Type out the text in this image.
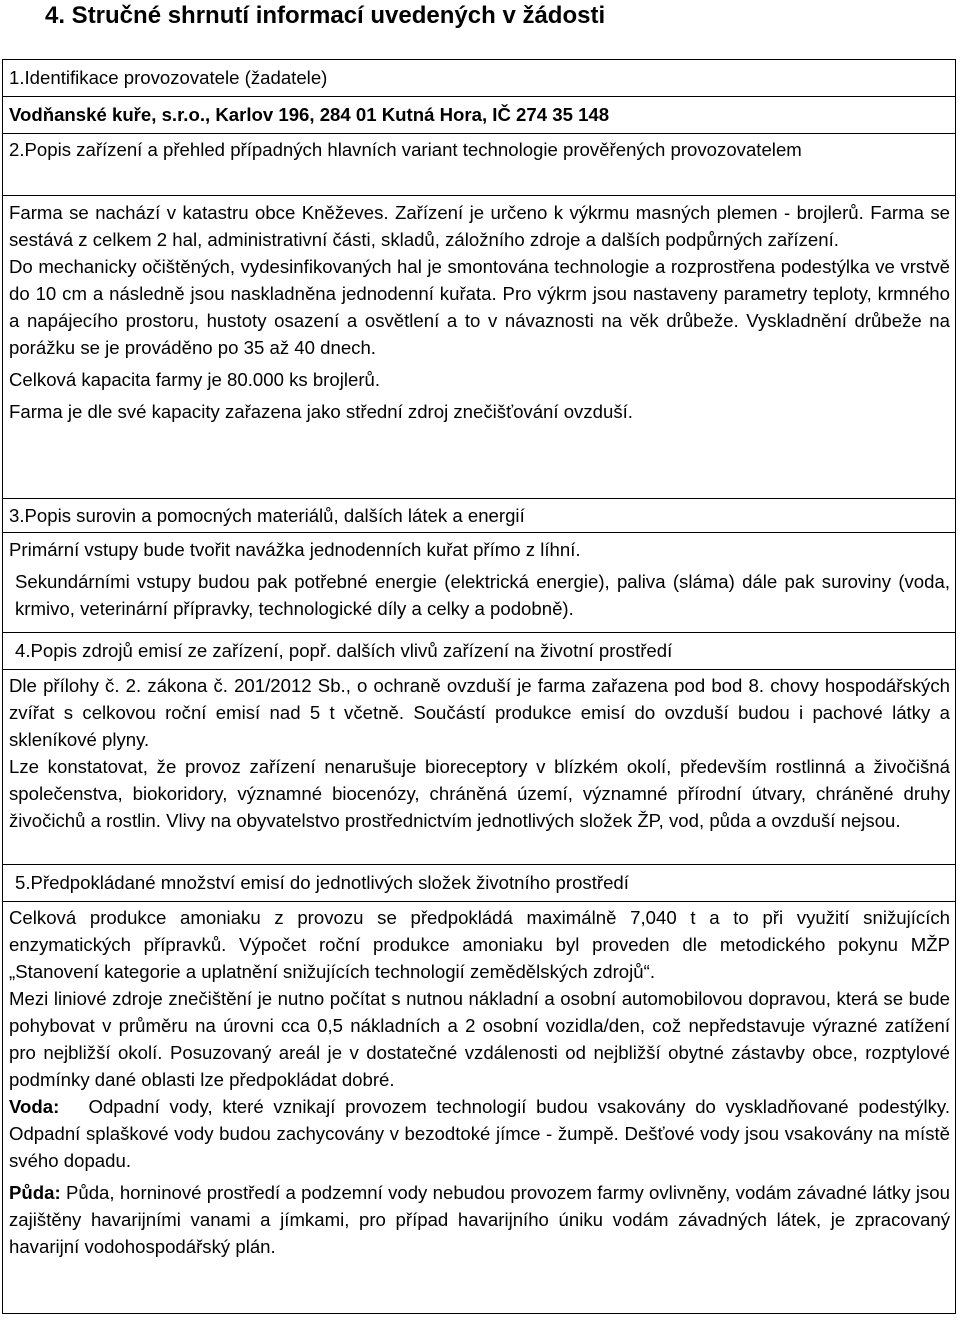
4. Stručné shrnutí informací uvedených v žádosti

1.Identifikace provozovatele (žadatele)

Vodňanské kuře, s.r.o., Karlov 196, 284 01 Kutná Hora, IČ 274 35 148

2.Popis zařízení a přehled případných hlavních variant technologie prověřených provozovatelem

Farma se nachází v katastru obce Kněževes. Zařízení je určeno k výkrmu masných plemen - brojlerů. Farma se sestává z celkem 2 hal, administrativní části, skladů, záložního zdroje a dalších podpůrných zařízení.

Do mechanicky očištěných, vydesinfikovaných hal je smontována technologie a rozprostřena podestýlka ve vrstvě do 10 cm a následně jsou naskladněna jednodenní kuřata. Pro výkrm jsou nastaveny parametry teploty, krmného a napájecího prostoru, hustoty osazení a osvětlení a to v návaznosti na věk drůbeže. Vyskladnění drůbeže na porážku se je prováděno po 35 až 40 dnech.

Celková kapacita farmy je 80.000 ks brojlerů.

Farma je dle své kapacity zařazena jako střední zdroj znečišťování ovzduší.

3.Popis surovin a pomocných materiálů, dalších látek a energií

Primární vstupy bude tvořit navážka jednodenních kuřat přímo z líhní.

Sekundárními vstupy budou pak potřebné energie (elektrická energie), paliva (sláma) dále pak suroviny (voda, krmivo, veterinární přípravky, technologické díly a celky a podobně).

4.Popis zdrojů emisí ze zařízení, popř. dalších vlivů zařízení na životní prostředí

Dle přílohy č. 2. zákona č. 201/2012 Sb., o ochraně ovzduší je farma zařazena pod bod 8. chovy hospodářských zvířat s celkovou roční emisí nad 5 t včetně. Součástí produkce emisí do ovzduší budou i pachové látky a skleníkové plyny.

Lze konstatovat, že provoz zařízení nenarušuje bioreceptory v blízkém okolí, především rostlinná a živočišná společenstva, biokoridory, významné biocenózy, chráněná území, významné přírodní útvary, chráněné druhy živočichů a rostlin. Vlivy na obyvatelstvo prostřednictvím jednotlivých složek ŽP, vod, půda a ovzduší nejsou.

5.Předpokládané množství emisí do jednotlivých složek životního prostředí

Celková produkce amoniaku z provozu se předpokládá maximálně 7,040 t a to při využití snižujících enzymatických přípravků. Výpočet roční produkce amoniaku byl proveden dle metodického pokynu MŽP „Stanovení kategorie a uplatnění snižujících technologií zemědělských zdrojů“.

Mezi liniové zdroje znečištění je nutno počítat s nutnou nákladní a osobní automobilovou dopravou, která se bude pohybovat v průměru na úrovni cca 0,5 nákladních a 2 osobní vozidla/den, což nepředstavuje výrazné zatížení pro nejbližší okolí. Posuzovaný areál je v dostatečné vzdálenosti od nejbližší obytné zástavby obce, rozptylové podmínky dané oblasti lze předpokládat dobré.

Voda:   Odpadní vody, které vznikají provozem technologií budou vsakovány do vyskladňované podestýlky. Odpadní splaškové vody budou zachycovány v bezodtoké jímce - žumpě. Dešťové vody jsou vsakovány na místě svého dopadu.

Půda: Půda, horninové prostředí a podzemní vody nebudou provozem farmy ovlivněny, vodám závadné látky jsou zajištěny havarijními vanami a jímkami, pro případ havarijního úniku vodám závadných látek, je zpracovaný havarijní vodohospodářský plán.
